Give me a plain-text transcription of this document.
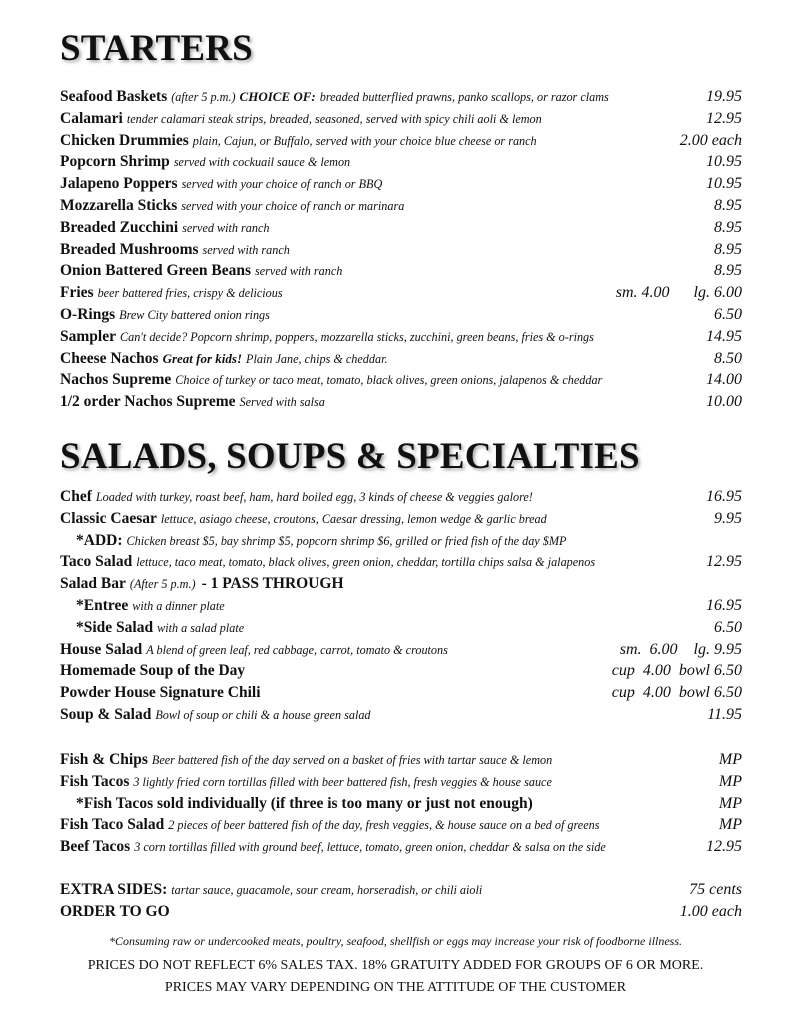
STARTERS
Seafood Baskets (after 5 p.m.) CHOICE OF: breaded butterflied prawns, panko scallops, or razor clams	19.95
Calamari tender calamari steak strips, breaded, seasoned, served with spicy chili aoli & lemon	12.95
Chicken Drummies plain, Cajun, or Buffalo, served with your choice blue cheese or ranch	2.00 each
Popcorn Shrimp served with cockuail sauce & lemon	10.95
Jalapeno Poppers served with your choice of ranch or BBQ	10.95
Mozzarella Sticks served with your choice of ranch or marinara	8.95
Breaded Zucchini served with ranch	8.95
Breaded Mushrooms served with ranch	8.95
Onion Battered Green Beans served with ranch	8.95
Fries beer battered fries, crispy & delicious	sm. 4.00      lg. 6.00
O-Rings Brew City battered onion rings	6.50
Sampler Can't decide? Popcorn shrimp, poppers, mozzarella sticks, zucchini, green beans, fries & o-rings	14.95
Cheese Nachos Great for kids! Plain Jane, chips & cheddar.	8.50
Nachos Supreme Choice of turkey or taco meat, tomato, black olives, green onions, jalapenos & cheddar	14.00
1/2 order Nachos Supreme Served with salsa	10.00
SALADS, SOUPS & SPECIALTIES
Chef Loaded with turkey, roast beef, ham, hard boiled egg, 3 kinds of cheese & veggies galore!	16.95
Classic Caesar lettuce, asiago cheese, croutons, Caesar dressing, lemon wedge & garlic bread	9.95
*ADD: Chicken breast $5, bay shrimp $5, popcorn shrimp $6, grilled or fried fish of the day $MP
Taco Salad lettuce, taco meat, tomato, black olives, green onion, cheddar, tortilla chips salsa & jalapenos	12.95
Salad Bar (After 5 p.m.) - 1 PASS THROUGH
*Entree with a dinner plate	16.95
*Side Salad with a salad plate	6.50
House Salad A blend of green leaf, red cabbage, carrot, tomato & croutons	sm.  6.00    lg. 9.95
Homemade Soup of the Day	cup  4.00  bowl 6.50
Powder House Signature Chili	cup  4.00  bowl 6.50
Soup & Salad Bowl of soup or chili & a house green salad	11.95
Fish & Chips Beer battered fish of the day served on a basket of fries with tartar sauce & lemon	MP
Fish Tacos 3 lightly fried corn tortillas filled with beer battered fish, fresh veggies & house sauce	MP
*Fish Tacos sold individually (if three is too many or just not enough)	MP
Fish Taco Salad 2 pieces of beer battered fish of the day, fresh veggies, & house sauce on a bed of greens	MP
Beef Tacos 3 corn tortillas filled with ground beef, lettuce, tomato, green onion, cheddar & salsa on the side	12.95
EXTRA SIDES: tartar sauce, guacamole, sour cream, horseradish, or chili aioli	75 cents
ORDER TO GO	1.00 each
*Consuming raw or undercooked meats, poultry, seafood, shellfish or eggs may increase your risk of foodborne illness.
PRICES DO NOT REFLECT 6% SALES TAX. 18% GRATUITY ADDED FOR GROUPS OF 6 OR MORE.
PRICES MAY VARY DEPENDING ON THE ATTITUDE OF THE CUSTOMER
